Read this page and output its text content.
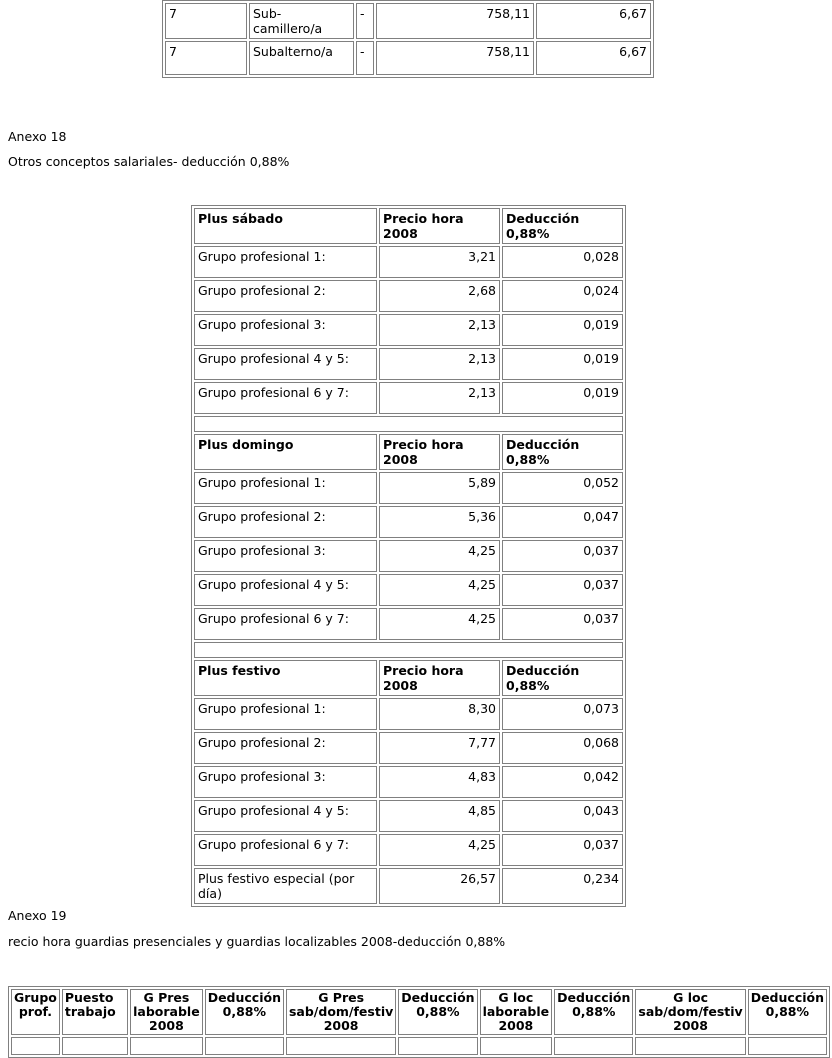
7	Sub-camillero/a	-	758,11	6,67
7	Subalterno/a	-	758,11	6,67
Anexo 18
Otros conceptos salariales- deducción 0,88%
Plus sábado	Precio hora 2008	Deducción 0,88%
Grupo profesional 1:	3,21	0,028
Grupo profesional 2:	2,68	0,024
Grupo profesional 3:	2,13	0,019
Grupo profesional 4 y 5:	2,13	0,019
Grupo profesional 6 y 7:	2,13	0,019

Plus domingo	Precio hora 2008	Deducción 0,88%
Grupo profesional 1:	5,89	0,052
Grupo profesional 2:	5,36	0,047
Grupo profesional 3:	4,25	0,037
Grupo profesional 4 y 5:	4,25	0,037
Grupo profesional 6 y 7:	4,25	0,037

Plus festivo	Precio hora 2008	Deducción 0,88%
Grupo profesional 1:	8,30	0,073
Grupo profesional 2:	7,77	0,068
Grupo profesional 3:	4,83	0,042
Grupo profesional 4 y 5:	4,85	0,043
Grupo profesional 6 y 7:	4,25	0,037
Plus festivo especial (por día)	26,57	0,234
Anexo 19
recio hora guardias presenciales y guardias localizables 2008-deducción 0,88%
Grupo prof.	Puesto trabajo	G Pres laborable 2008	Deducción 0,88%	G Pres sab/dom/festiv 2008	Deducción 0,88%	G loc laborable 2008	Deducción 0,88%	G loc sab/dom/festiv 2008	Deducción 0,88%
